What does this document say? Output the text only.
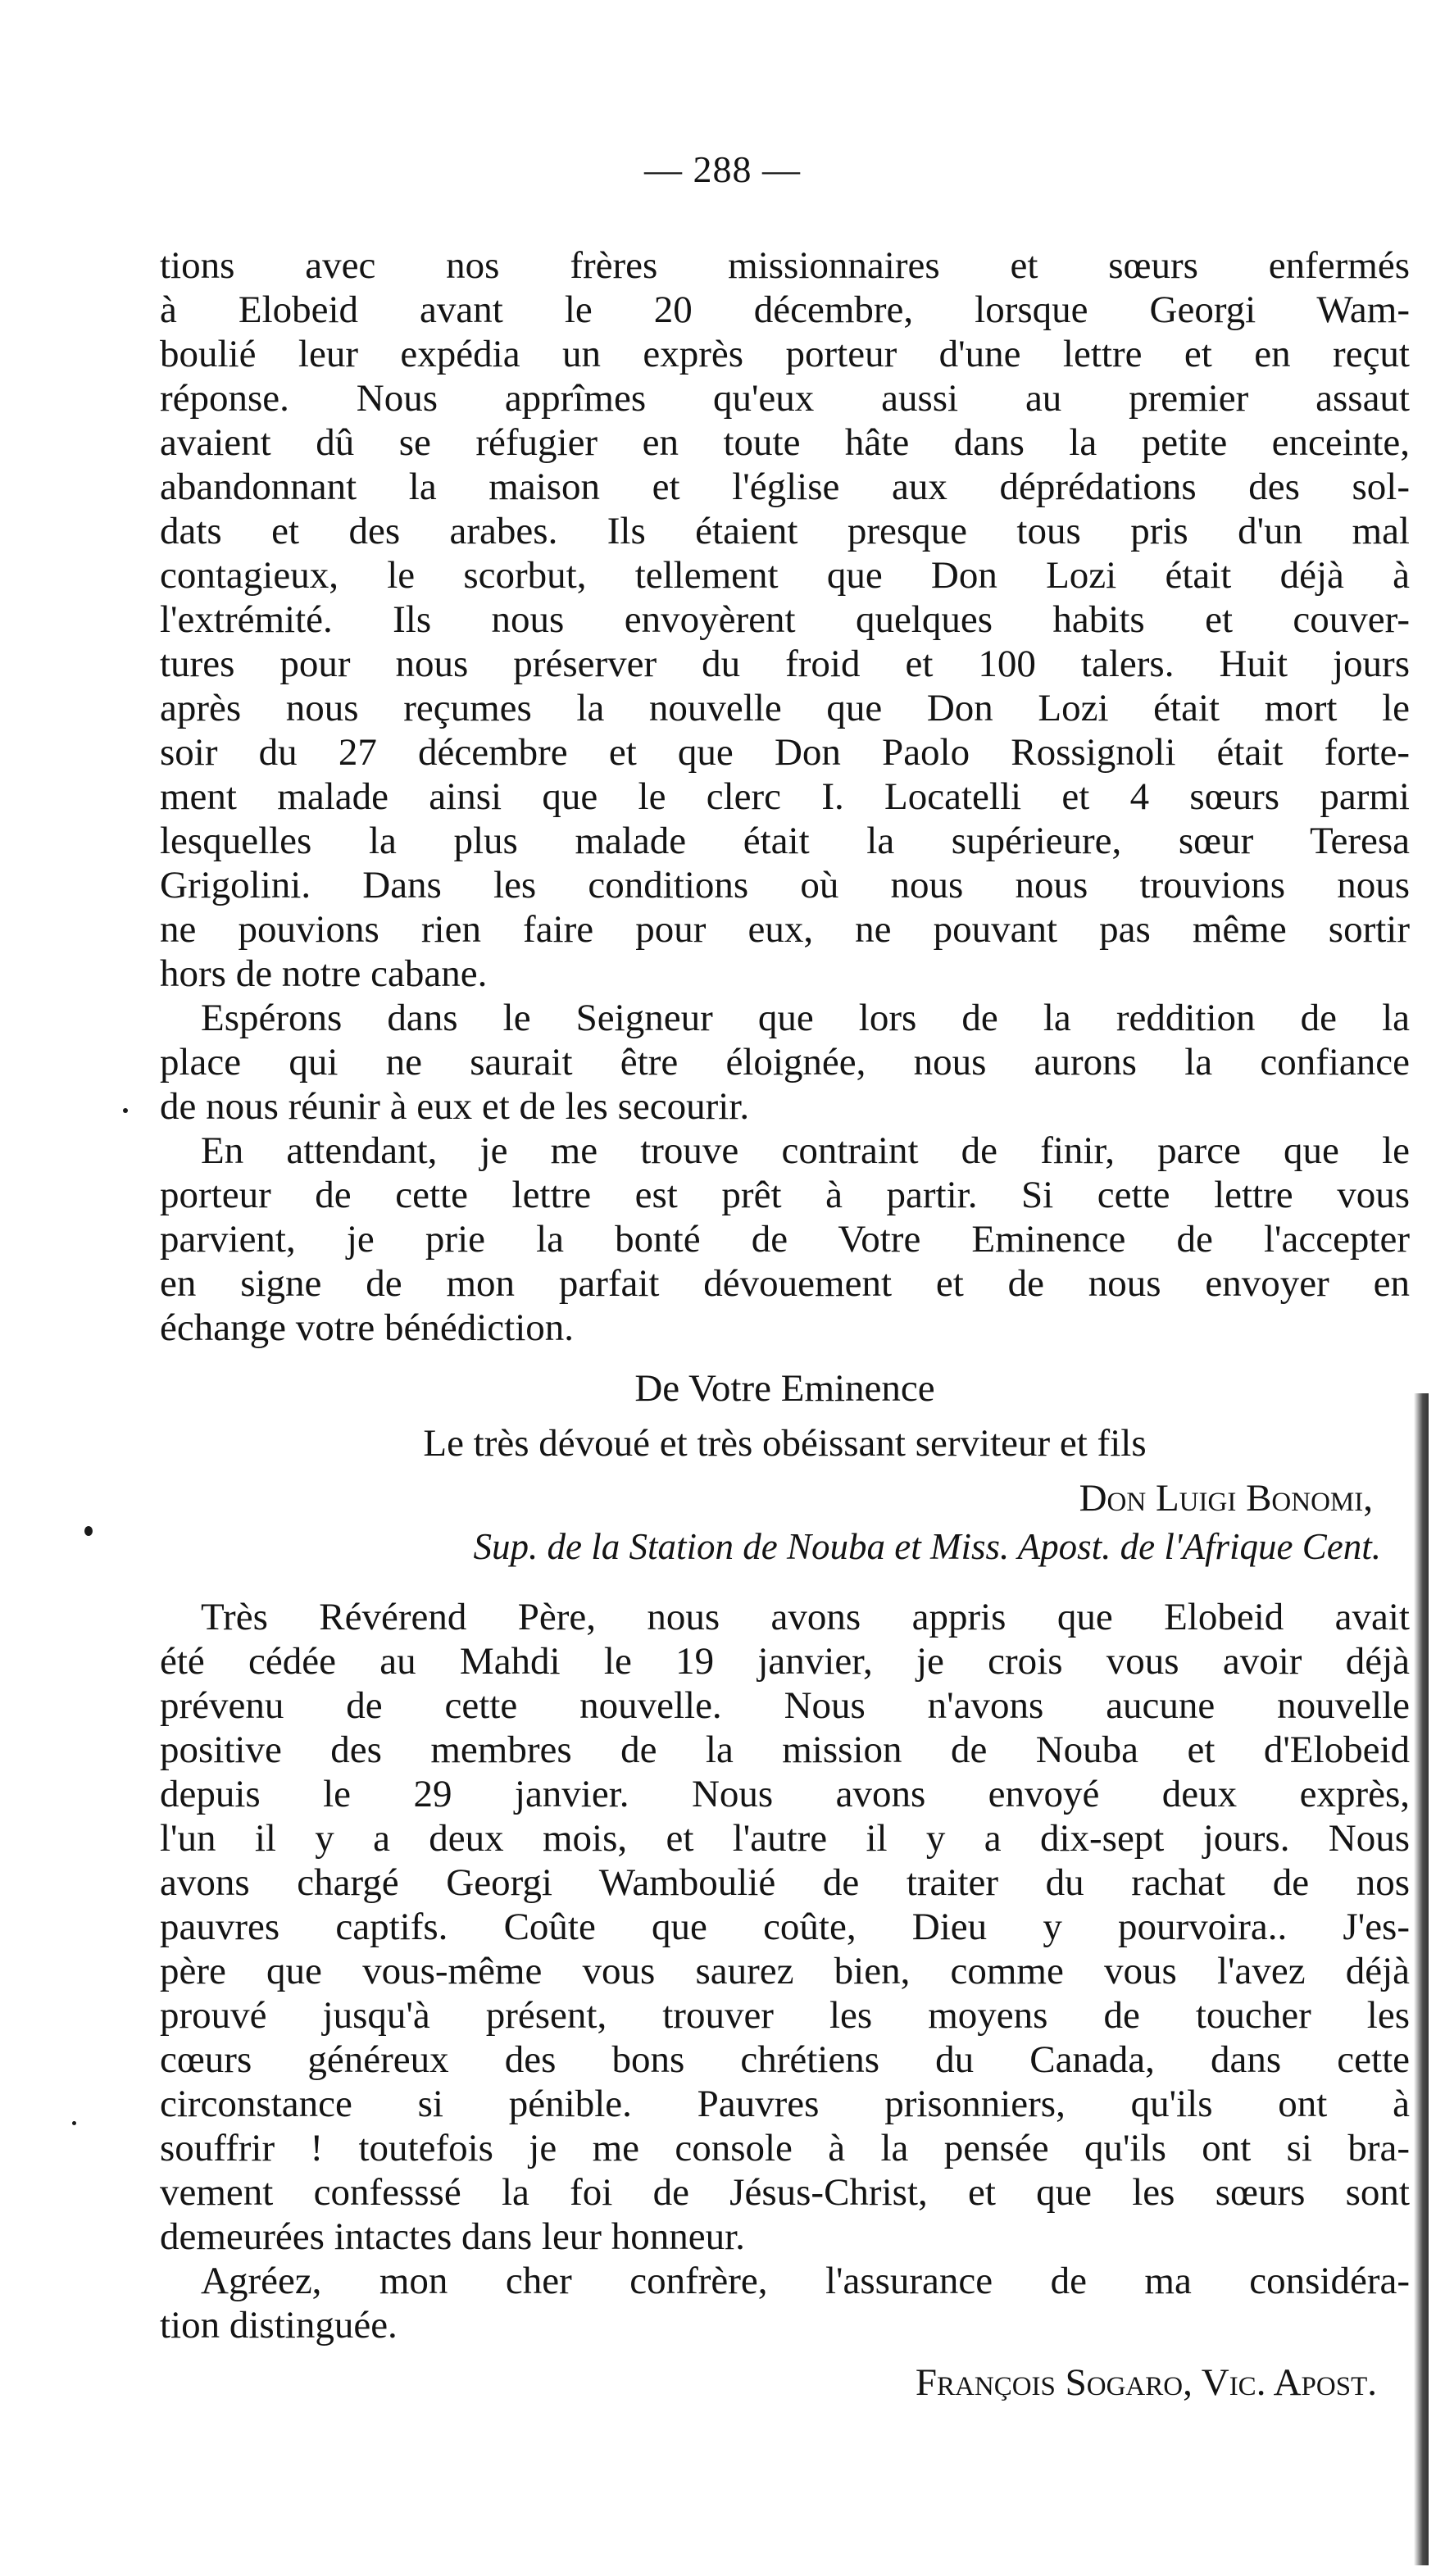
— 288 —
tions avec nos frères missionnaires et sœurs enfermés
à Elobeid avant le 20 décembre, lorsque Georgi Wam-
boulié leur expédia un exprès porteur d'une lettre et en reçut
réponse. Nous apprîmes qu'eux aussi au premier assaut
avaient dû se réfugier en toute hâte dans la petite enceinte,
abandonnant la maison et l'église aux déprédations des sol-
dats et des arabes. Ils étaient presque tous pris d'un mal
contagieux, le scorbut, tellement que Don Lozi était déjà à
l'extrémité. Ils nous envoyèrent quelques habits et couver-
tures pour nous préserver du froid et 100 talers. Huit jours
après nous reçumes la nouvelle que Don Lozi était mort le
soir du 27 décembre et que Don Paolo Rossignoli était forte-
ment malade ainsi que le clerc I. Locatelli et 4 sœurs parmi
lesquelles la plus malade était la supérieure, sœur Teresa
Grigolini. Dans les conditions où nous nous trouvions nous
ne pouvions rien faire pour eux, ne pouvant pas même sortir
hors de notre cabane.
Espérons dans le Seigneur que lors de la reddition de la
place qui ne saurait être éloignée, nous aurons la confiance
de nous réunir à eux et de les secourir.
En attendant, je me trouve contraint de finir, parce que le
porteur de cette lettre est prêt à partir. Si cette lettre vous
parvient, je prie la bonté de Votre Eminence de l'accepter
en signe de mon parfait dévouement et de nous envoyer en
échange votre bénédiction.
De Votre Eminence
Le très dévoué et très obéissant serviteur et fils
Don Luigi Bonomi,
Sup. de la Station de Nouba et Miss. Apost. de l'Afrique Cent.
Très Révérend Père, nous avons appris que Elobeid avait
été cédée au Mahdi le 19 janvier, je crois vous avoir déjà
prévenu de cette nouvelle. Nous n'avons aucune nouvelle
positive des membres de la mission de Nouba et d'Elobeid
depuis le 29 janvier. Nous avons envoyé deux exprès,
l'un il y a deux mois, et l'autre il y a dix-sept jours. Nous
avons chargé Georgi Wamboulié de traiter du rachat de nos
pauvres captifs. Coûte que coûte, Dieu y pourvoira.. J'es-
père que vous-même vous saurez bien, comme vous l'avez déjà
prouvé jusqu'à présent, trouver les moyens de toucher les
cœurs généreux des bons chrétiens du Canada, dans cette
circonstance si pénible. Pauvres prisonniers, qu'ils ont à
souffrir ! toutefois je me console à la pensée qu'ils ont si bra-
vement confesssé la foi de Jésus-Christ, et que les sœurs sont
demeurées intactes dans leur honneur.
Agréez, mon cher confrère, l'assurance de ma considéra-
tion distinguée.
François Sogaro, Vic. Apost.
